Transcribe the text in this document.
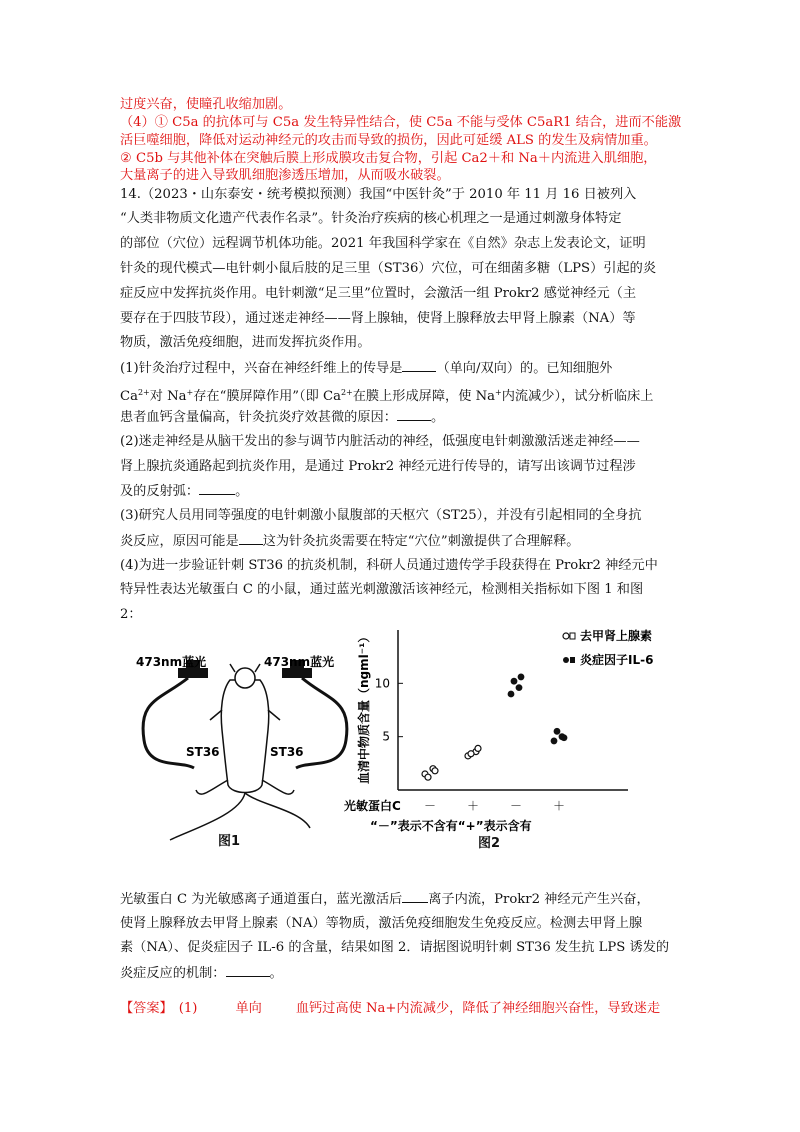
过度兴奋，使瞳孔收缩加剧。
（4）① C5a 的抗体可与 C5a 发生特异性结合，使 C5a 不能与受体 C5aR1 结合，进而不能激
活巨噬细胞，降低对运动神经元的攻击而导致的损伤，因此可延缓 ALS 的发生及病情加重。
② C5b 与其他补体在突触后膜上形成膜攻击复合物，引起 Ca2＋和 Na＋内流进入肌细胞，
大量离子的进入导致肌细胞渗透压增加，从而吸水破裂。
14.（2023・山东泰安・统考模拟预测）我国“中医针灸”于 2010 年 11 月 16 日被列入
“人类非物质文化遗产代表作名录”。针灸治疗疾病的核心机理之一是通过刺激身体特定
的部位（穴位）远程调节机体功能。2021 年我国科学家在《自然》杂志上发表论文，证明
针灸的现代模式—电针刺小鼠后肢的足三里（ST36）穴位，可在细菌多糖（LPS）引起的炎
症反应中发挥抗炎作用。电针刺激“足三里”位置时，会激活一组 Prokr2 感觉神经元（主
要存在于四肢节段），通过迷走神经——肾上腺轴，使肾上腺释放去甲肾上腺素（NA）等
物质，激活免疫细胞，进而发挥抗炎作用。
(1)针灸治疗过程中，兴奋在神经纤维上的传导是	（单向/双向）的。已知细胞外
$Ca^{2+}$对 Na+存在“膜屏障作用”（即 $Ca^{2+}$在膜上形成屏障，使 Na+内流减少），试分析临床上
患者血钙含量偏高，针灸抗炎疗效甚微的原因：	。
(2)迷走神经是从脑干发出的参与调节内脏活动的神经，低强度电针刺激激活迷走神经——
肾上腺抗炎通路起到抗炎作用，是通过 Prokr2 神经元进行传导的，请写出该调节过程涉
及的反射弧：	。
(3)研究人员用同等强度的电针刺激小鼠腹部的天枢穴（ST25），并没有引起相同的全身抗
炎反应，原因可能是 这为针灸抗炎需要在特定“穴位”刺激提供了合理解释。
(4)为进一步验证针刺 ST36 的抗炎机制，科研人员通过遗传学手段获得在 Prokr2 神经元中
特异性表达光敏蛋白 C 的小鼠，通过蓝光刺激激活该神经元，检测相关指标如下图 1 和图
2：
473nm蓝光	473nm蓝光
ST36	ST36
图1
5
10
血清中物质含量（ngml⁻¹）
光敏蛋白C －	＋	－	＋
“－”表示不含有“+”表示含有
去甲肾上腺素
炎症因子IL-6
图2
光敏蛋白 C 为光敏感离子通道蛋白，蓝光激活后 离子内流，Prokr2 神经元产生兴奋，
使肾上腺释放去甲肾上腺素（NA）等物质，激活免疫细胞发生免疫反应。检测去甲肾上腺
素（NA）、促炎症因子 IL-6 的含量，结果如图 2．请据图说明针刺 ST36 发生抗 LPS 诱发的
炎症反应的机制：	。
【答案】 (1)	单向	血钙过高使 Na+内流减少，降低了神经细胞兴奋性，导致迷走
